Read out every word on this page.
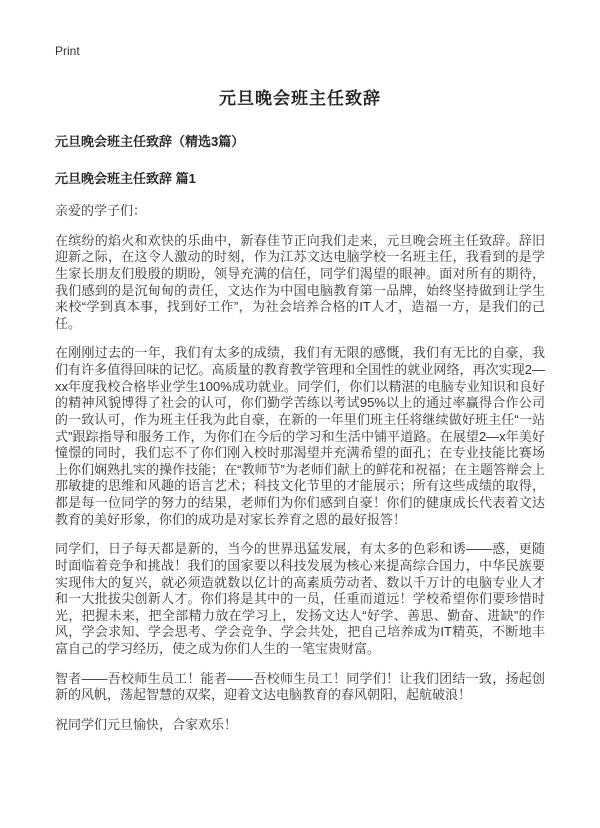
Print
元旦晚会班主任致辞
元旦晚会班主任致辞（精选3篇）
元旦晚会班主任致辞 篇1

亲爱的学子们：

在缤纷的焰火和欢快的乐曲中，新春佳节正向我们走来，元旦晚会班主任致辞。辞旧迎新之际，在这令人激动的时刻，作为江苏文达电脑学校一名班主任，我看到的是学生家长朋友们殷殷的期盼，领导充满的信任，同学们渴望的眼神。面对所有的期待，我们感到的是沉甸甸的责任，文达作为中国电脑教育第一品牌，始终坚持做到让学生来校“学到真本事，找到好工作”，为社会培养合格的IT人才，造福一方，是我们的己任。

在刚刚过去的一年，我们有太多的成绩，我们有无限的感慨，我们有无比的自豪，我们有许多值得回味的记忆。高质量的教育教学管理和全国性的就业网络，再次实现2—xx年度我校合格毕业学生100%成功就业。同学们，你们以精湛的电脑专业知识和良好的精神风貌博得了社会的认可，你们勤学苦练以考试95%以上的通过率赢得合作公司的一致认可，作为班主任我为此自豪，在新的一年里们班主任将继续做好班主任“一站式”跟踪指导和服务工作，为你们在今后的学习和生活中铺平道路。在展望2—x年美好憧憬的同时，我们忘不了你们刚入校时那渴望并充满希望的面孔；在专业技能比赛场上你们娴熟扎实的操作技能；在“教师节”为老师们献上的鲜花和祝福；在主题答辩会上那敏捷的思维和风趣的语言艺术；科技文化节里的才能展示；所有这些成绩的取得，都是每一位同学的努力的结果，老师们为你们感到自豪！你们的健康成长代表着文达教育的美好形象，你们的成功是对家长养育之恩的最好报答！

同学们，日子每天都是新的，当今的世界迅猛发展，有太多的色彩和诱——惑，更随时面临着竞争和挑战！我们的国家要以科技发展为核心来提高综合国力，中华民族要实现伟大的复兴，就必须造就数以亿计的高素质劳动者、数以千万计的电脑专业人才和一大批拔尖创新人才。你们将是其中的一员，任重而道远！学校希望你们要珍惜时光，把握未来，把全部精力放在学习上，发扬文达人“好学、善思、勤奋、进缺”的作风，学会求知、学会思考、学会竞争、学会共处，把自己培养成为IT精英，不断地丰富自己的学习经历，使之成为你们人生的一笔宝贵财富。

智者——吾校师生员工！能者——吾校师生员工！同学们！让我们团结一致，扬起创新的风帆，荡起智慧的双桨，迎着文达电脑教育的春风朝阳，起航破浪！

祝同学们元旦愉快，合家欢乐！
